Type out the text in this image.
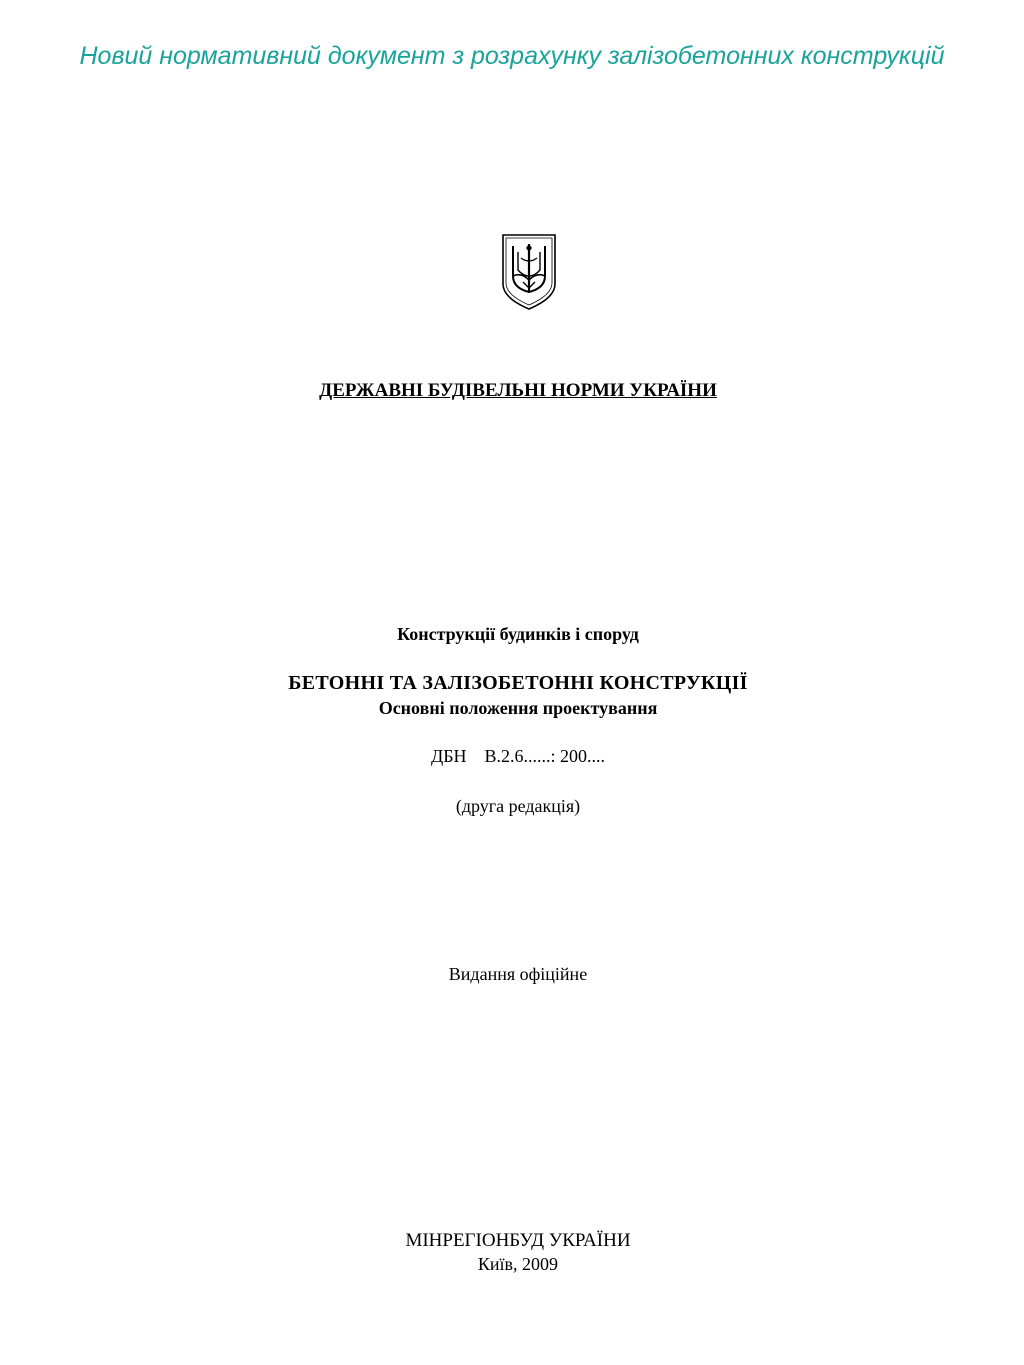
Новий нормативний документ з розрахунку залізобетонних конструкцій
ДЕРЖАВНІ БУДІВЕЛЬНІ НОРМИ УКРАЇНИ
Конструкції будинків і споруд
БЕТОННІ ТА ЗАЛІЗОБЕТОННІ КОНСТРУКЦІЇ
Основні положення проектування
ДБН    В.2.6......: 200....
(друга редакція)
Видання офіційне
МІНРЕГІОНБУД УКРАЇНИ
Київ, 2009
